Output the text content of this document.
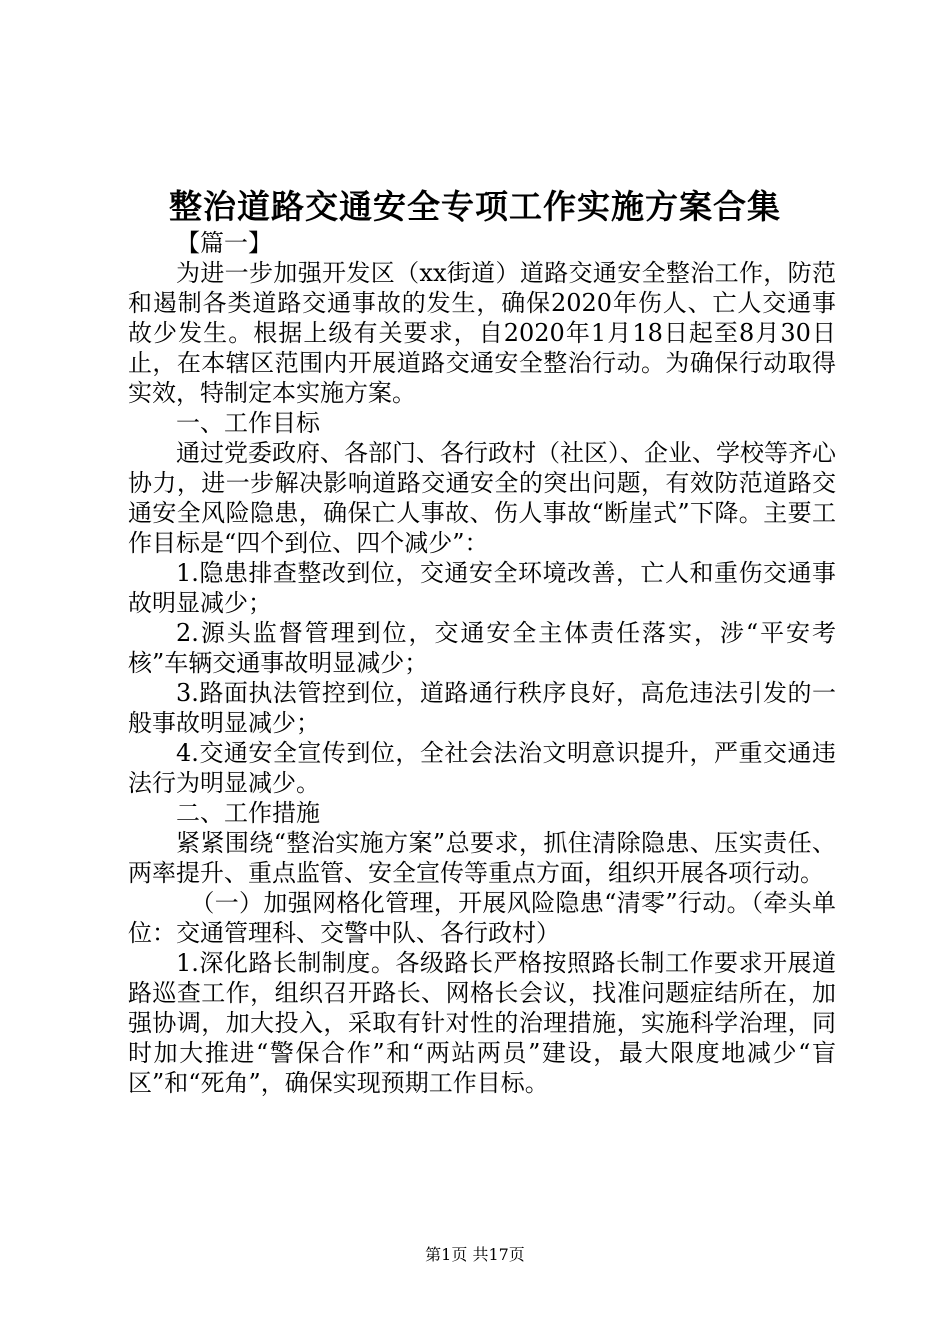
整治道路交通安全专项工作实施方案合集

【篇一】

为进一步加强开发区（xx街道）道路交通安全整治工作，防范和遏制各类道路交通事故的发生，确保2020年伤人、亡人交通事故少发生。根据上级有关要求，自2020年1月18日起至8月30日止，在本辖区范围内开展道路交通安全整治行动。为确保行动取得实效，特制定本实施方案。

一、工作目标

通过党委政府、各部门、各行政村（社区）、企业、学校等齐心协力，进一步解决影响道路交通安全的突出问题，有效防范道路交通安全风险隐患，确保亡人事故、伤人事故“断崖式”下降。主要工作目标是“四个到位、四个减少”：

1.隐患排查整改到位，交通安全环境改善，亡人和重伤交通事故明显减少；

2.源头监督管理到位，交通安全主体责任落实，涉“平安考核”车辆交通事故明显减少；

3.路面执法管控到位，道路通行秩序良好，高危违法引发的一般事故明显减少；

4.交通安全宣传到位，全社会法治文明意识提升，严重交通违法行为明显减少。

二、工作措施

紧紧围绕“整治实施方案”总要求，抓住清除隐患、压实责任、两率提升、重点监管、安全宣传等重点方面，组织开展各项行动。

（一）加强网格化管理，开展风险隐患“清零”行动。（牵头单位：交通管理科、交警中队、各行政村）

1.深化路长制制度。各级路长严格按照路长制工作要求开展道路巡查工作，组织召开路长、网格长会议，找准问题症结所在，加强协调，加大投入，采取有针对性的治理措施，实施科学治理，同时加大推进“警保合作”和“两站两员”建设，最大限度地减少“盲区”和“死角”，确保实现预期工作目标。

第1页 共17页
